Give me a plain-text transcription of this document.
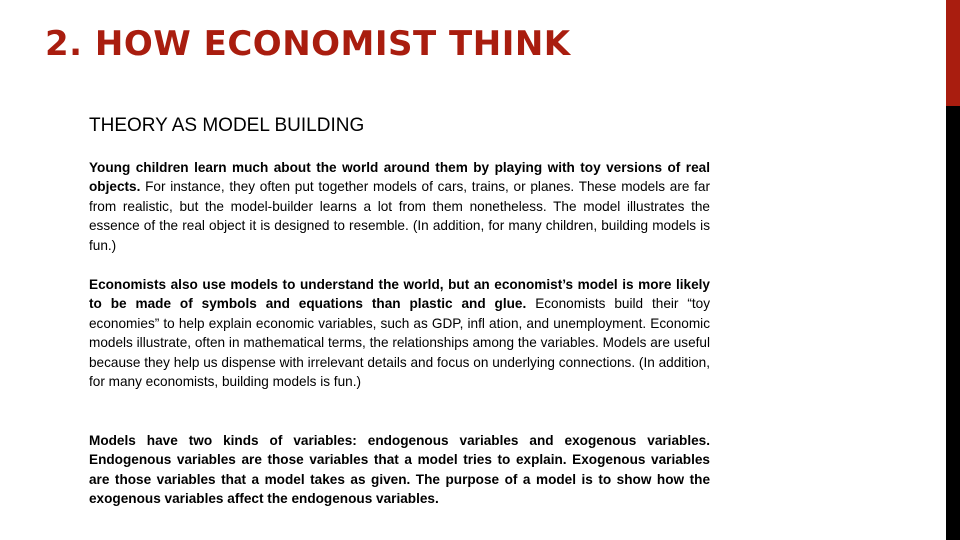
2. HOW ECONOMIST THINK
THEORY AS MODEL BUILDING

Young children learn much about the world around them by playing with toy versions of real objects. For instance, they often put together models of cars, trains, or planes. These models are far from realistic, but the model-builder learns a lot from them nonetheless. The model illustrates the essence of the real object it is designed to resemble. (In addition, for many children, building models is fun.)

Economists also use models to understand the world, but an economist’s model is more likely to be made of symbols and equations than plastic and glue. Economists build their “toy economies” to help explain economic variables, such as GDP, infl ation, and unemployment. Economic models illustrate, often in mathematical terms, the relationships among the variables. Models are useful because they help us dispense with irrelevant details and focus on underlying connections. (In addition, for many economists, building models is fun.)

Models have two kinds of variables: endogenous variables and exogenous variables. Endogenous variables are those variables that a model tries to explain. Exogenous variables are those variables that a model takes as given. The purpose of a model is to show how the exogenous variables affect the endogenous variables.
